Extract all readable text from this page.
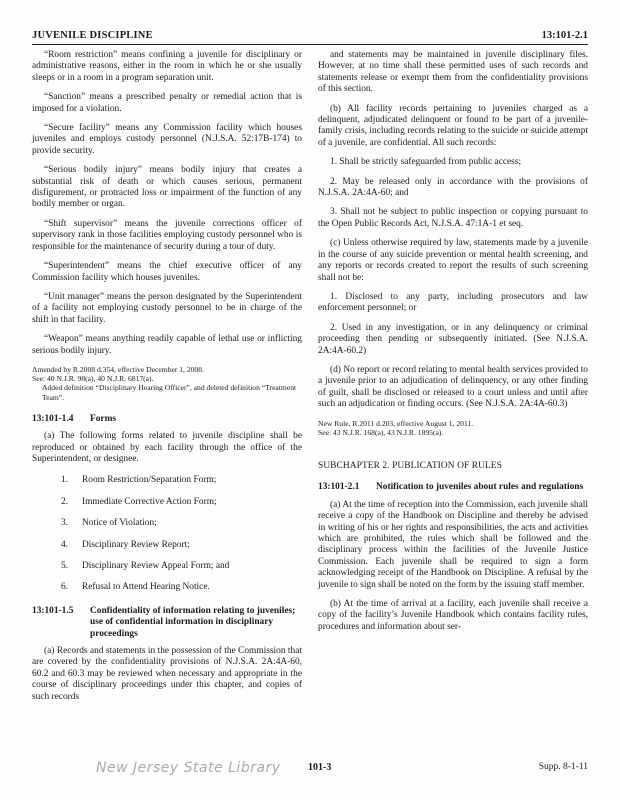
JUVENILE DISCIPLINE	13:101-2.1

“Room restriction” means confining a juvenile for disciplinary or administrative reasons, either in the room in which he or she usually sleeps or in a room in a program separation unit.

“Sanction” means a prescribed penalty or remedial action that is imposed for a violation.

“Secure facility” means any Commission facility which houses juveniles and employs custody personnel (N.J.S.A. 52:17B-174) to provide security.

“Serious bodily injury” means bodily injury that creates a substantial risk of death or which causes serious, permanent disfigurement, or protracted loss or impairment of the function of any bodily member or organ.

“Shift supervisor” means the juvenile corrections officer of supervisory rank in those facilities employing custody personnel who is responsible for the maintenance of security during a tour of duty.

“Superintendent” means the chief executive officer of any Commission facility which houses juveniles.

“Unit manager” means the person designated by the Superintendent of a facility not employing custody personnel to be in charge of the shift in that facility.

“Weapon” means anything readily capable of lethal use or inflicting serious bodily injury.

Amended by R.2008 d.354, effective December 1, 2008.
See: 40 N.J.R. 98(a), 40 N.J.R. 6817(a).
Added definition “Disciplinary Hearing Officer”, and deleted definition “Treatment Team”.
13:101-1.4	Forms

(a) The following forms related to juvenile discipline shall be reproduced or obtained by each facility through the office of the Superintendent, or designee.

1.	Room Restriction/Separation Form;
2.	Immediate Corrective Action Form;
3.	Notice of Violation;
4.	Disciplinary Review Report;
5.	Disciplinary Review Appeal Form; and
6.	Refusal to Attend Hearing Notice.
13:101-1.5	Confidentiality of information relating to juveniles; use of confidential information in disciplinary proceedings

(a) Records and statements in the possession of the Commission that are covered by the confidentiality provisions of N.J.S.A. 2A:4A-60, 60.2 and 60.3 may be reviewed when necessary and appropriate in the course of disciplinary proceedings under this chapter, and copies of such records

and statements may be maintained in juvenile disciplinary files. However, at no time shall these permitted uses of such records and statements release or exempt them from the confidentiality provisions of this section.

(b) All facility records pertaining to juveniles charged as a delinquent, adjudicated delinquent or found to be part of a juvenile-family crisis, including records relating to the suicide or suicide attempt of a juvenile, are confidential. All such records:

1. Shall be strictly safeguarded from public access;
2. May be released only in accordance with the provisions of N.J.S.A. 2A:4A-60; and
3. Shall not be subject to public inspection or copying pursuant to the Open Public Records Act, N.J.S.A. 47:1A-1 et seq.

(c) Unless otherwise required by law, statements made by a juvenile in the course of any suicide prevention or mental health screening, and any reports or records created to report the results of such screening shall not be:

1. Disclosed to any party, including prosecutors and law enforcement personnel; or
2. Used in any investigation, or in any delinquency or criminal proceeding then pending or subsequently initiated. (See N.J.S.A. 2A:4A-60.2)

(d) No report or record relating to mental health services provided to a juvenile prior to an adjudication of delinquency, or any other finding of guilt, shall be disclosed or released to a court unless and until after such an adjudication or finding occurs. (See N.J.S.A. 2A:4A-60.3)

New Rule, R.2011 d.203, effective August 1, 2011.
See: 43 N.J.R. 168(a), 43 N.J.R. 1895(a).
SUBCHAPTER 2. PUBLICATION OF RULES
13:101-2.1	Notification to juveniles about rules and regulations

(a) At the time of reception into the Commission, each juvenile shall receive a copy of the Handbook on Discipline and thereby be advised in writing of his or her rights and responsibilities, the acts and activities which are prohibited, the rules which shall be followed and the disciplinary process within the facilities of the Juvenile Justice Commission. Each juvenile shall be required to sign a form acknowledging receipt of the Handbook on Discipline. A refusal by the juvenile to sign shall be noted on the form by the issuing staff member.

(b) At the time of arrival at a facility, each juvenile shall receive a copy of the facility’s Juvenile Handbook which contains facility rules, procedures and information about ser-

New Jersey State Library	101-3	Supp. 8-1-11
